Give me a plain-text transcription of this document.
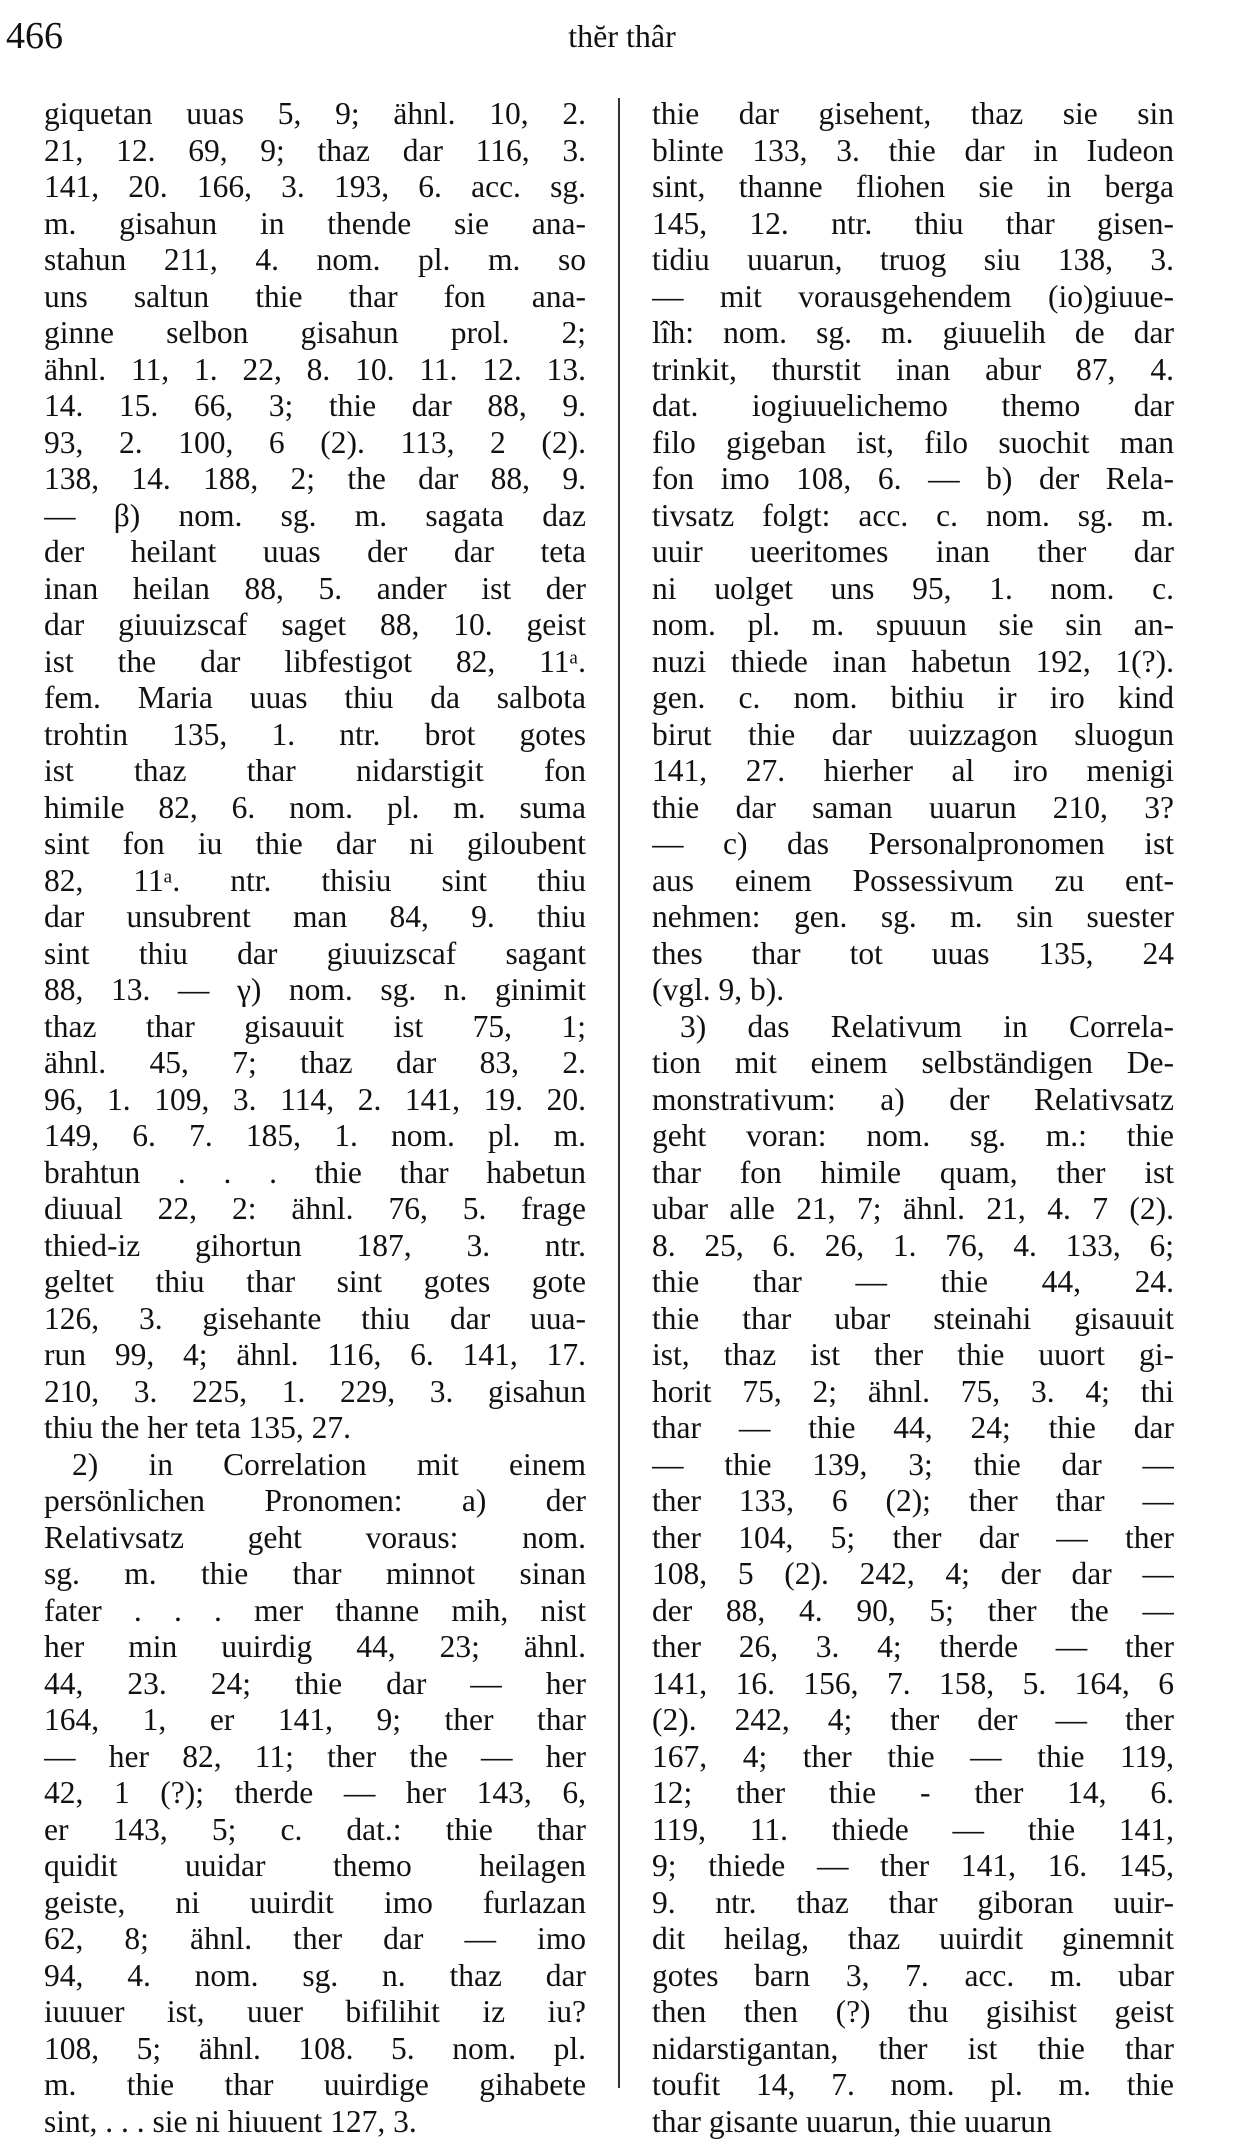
466	thĕr thâr
giquetan uuas 5, 9; ähnl. 10, 2.
21, 12. 69, 9; thaz dar 116, 3.
141, 20. 166, 3. 193, 6. acc. sg.
m. gisahun in thende sie ana-
stahun 211, 4. nom. pl. m. so
uns saltun thie thar fon ana-
ginne selbon gisahun prol. 2;
ähnl. 11, 1. 22, 8. 10. 11. 12. 13.
14. 15. 66, 3; thie dar 88, 9.
93, 2. 100, 6 (2). 113, 2 (2).
138, 14. 188, 2; the dar 88, 9.
— β) nom. sg. m. sagata daz
der heilant uuas der dar teta
inan heilan 88, 5. ander ist der
dar giuuizscaf saget 88, 10. geist
ist the dar libfestigot 82, 11ᵃ.
fem. Maria uuas thiu da salbota
trohtin 135, 1. ntr. brot gotes
ist thaz thar nidarstigit fon
himile 82, 6. nom. pl. m. suma
sint fon iu thie dar ni giloubent
82, 11ᵃ. ntr. thisiu sint thiu
dar unsubrent man 84, 9. thiu
sint thiu dar giuuizscaf sagant
88, 13. — γ) nom. sg. n. ginimit
thaz thar gisauuit ist 75, 1;
ähnl. 45, 7; thaz dar 83, 2.
96, 1. 109, 3. 114, 2. 141, 19. 20.
149, 6. 7. 185, 1. nom. pl. m.
brahtun . . . thie thar habetun
diuual 22, 2: ähnl. 76, 5. frage
thied-iz gihortun 187, 3. ntr.
geltet thiu thar sint gotes gote
126, 3. gisehante thiu dar uua-
run 99, 4; ähnl. 116, 6. 141, 17.
210, 3. 225, 1. 229, 3. gisahun
thiu the her teta 135, 27.
2) in Correlation mit einem
persönlichen Pronomen: a) der
Relativsatz geht voraus: nom.
sg. m. thie thar minnot sinan
fater . . . mer thanne mih, nist
her min uuirdig 44, 23; ähnl.
44, 23. 24; thie dar — her
164, 1, er 141, 9; ther thar
— her 82, 11; ther the — her
42, 1 (?); therde — her 143, 6,
er 143, 5; c. dat.: thie thar
quidit uuidar themo heilagen
geiste, ni uuirdit imo furlazan
62, 8; ähnl. ther dar — imo
94, 4. nom. sg. n. thaz dar
iuuuer ist, uuer bifilihit iz iu?
108, 5; ähnl. 108. 5. nom. pl.
m. thie thar uuirdige gihabete
sint, . . . sie ni hiuuent 127, 3.
thie dar gisehent, thaz sie sin
blinte 133, 3. thie dar in Iudeon
sint, thanne fliohen sie in berga
145, 12. ntr. thiu thar gisen-
tidiu uuarun, truog siu 138, 3.
— mit vorausgehendem (io)giuue-
lîh: nom. sg. m. giuuelih de dar
trinkit, thurstit inan abur 87, 4.
dat. iogiuuelichemo themo dar
filo gigeban ist, filo suochit man
fon imo 108, 6. — b) der Rela-
tivsatz folgt: acc. c. nom. sg. m.
uuir ueeritomes inan ther dar
ni uolget uns 95, 1. nom. c.
nom. pl. m. spuuun sie sin an-
nuzi thiede inan habetun 192, 1(?).
gen. c. nom. bithiu ir iro kind
birut thie dar uuizzagon sluogun
141, 27. hierher al iro menigi
thie dar saman uuarun 210, 3?
— c) das Personalpronomen ist
aus einem Possessivum zu ent-
nehmen: gen. sg. m. sin suester
thes thar tot uuas 135, 24
(vgl. 9, b).
3) das Relativum in Correla-
tion mit einem selbständigen De-
monstrativum: a) der Relativsatz
geht voran: nom. sg. m.: thie
thar fon himile quam, ther ist
ubar alle 21, 7; ähnl. 21, 4. 7 (2).
8. 25, 6. 26, 1. 76, 4. 133, 6;
thie thar — thie 44, 24.
thie thar ubar steinahi gisauuit
ist, thaz ist ther thie uuort gi-
horit 75, 2; ähnl. 75, 3. 4; thi
thar — thie 44, 24; thie dar
— thie 139, 3; thie dar —
ther 133, 6 (2); ther thar —
ther 104, 5; ther dar — ther
108, 5 (2). 242, 4; der dar —
der 88, 4. 90, 5; ther the —
ther 26, 3. 4; therde — ther
141, 16. 156, 7. 158, 5. 164, 6
(2). 242, 4; ther der — ther
167, 4; ther thie — thie 119,
12; ther thie - ther 14, 6.
119, 11. thiede — thie 141,
9; thiede — ther 141, 16. 145,
9. ntr. thaz thar giboran uuir-
dit heilag, thaz uuirdit ginemnit
gotes barn 3, 7. acc. m. ubar
then then (?) thu gisihist geist
nidarstigantan, ther ist thie thar
toufit 14, 7. nom. pl. m. thie
thar gisante uuarun, thie uuarun
